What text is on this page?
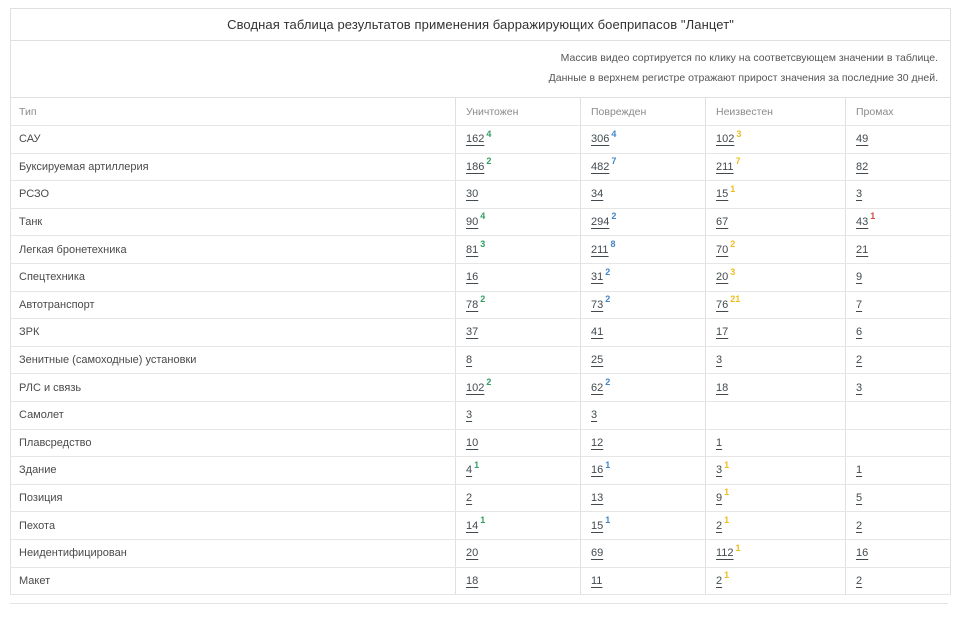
Сводная таблица результатов применения барражирующих боеприпасов "Ланцет"				

Массив видео сортируется по клику на соответсвующем значении в таблице.
Данные в верхнем регистре отражают прирост значения за последние 30 дней.				

Тип	Уничтожен	Поврежден	Неизвестен	Промах
САУ	162 $^4$	306 $^4$	102 $^3$	49
Буксируемая артиллерия	186 $^2$	482 $^7$	211 $^7$	82
РСЗО	30	34	15 $^1$	3
Танк	90 $^4$	294 $^2$	67	43 $^1$
Легкая бронетехника	81 $^3$	211 $^8$	70 $^2$	21
Спецтехника	16	31 $^2$	20 $^3$	9
Автотранспорт	78 $^2$	73 $^2$	76 $^{21}$	7
ЗРК	37	41	17	6
Зенитные (самоходные) установки	8	25	3	2
РЛС и связь	102 $^2$	62 $^2$	18	3
Самолет	3	3		
Плавсредство	10	12	1	
Здание	4 $^1$	16 $^1$	3 $^1$	1
Позиция	2	13	9 $^1$	5
Пехота	14 $^1$	15 $^1$	2 $^1$	2
Неидентифицирован	20	69	112 $^1$	16
Макет	18	11	2 $^1$	2
